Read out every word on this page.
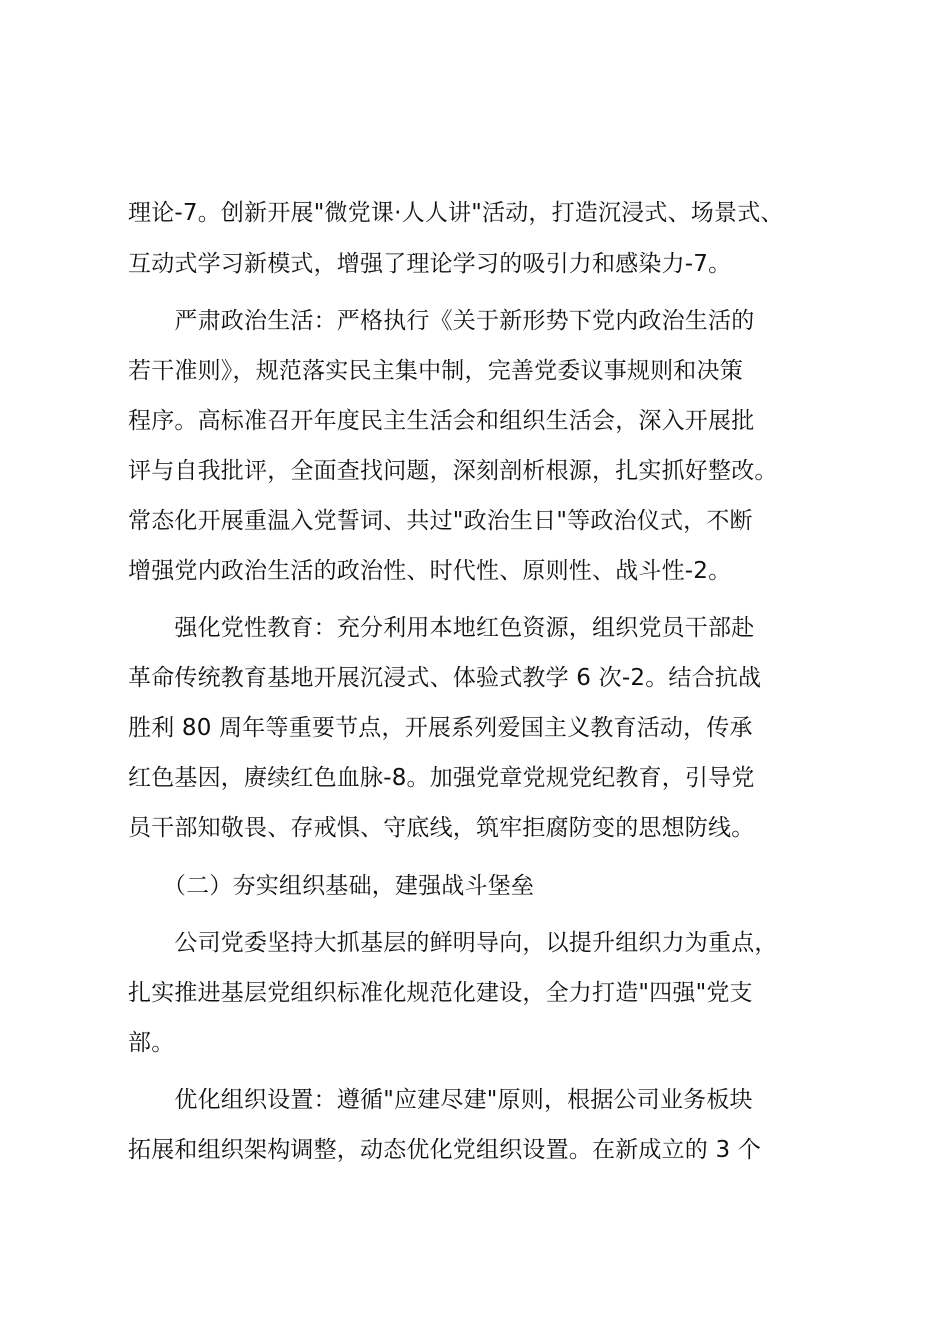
理论-7。创新开展"微党课·人人讲"活动，打造沉浸式、场景式、
互动式学习新模式，增强了理论学习的吸引力和感染力-7。
　　严肃政治生活：严格执行《关于新形势下党内政治生活的
若干准则》，规范落实民主集中制，完善党委议事规则和决策
程序。高标准召开年度民主生活会和组织生活会，深入开展批
评与自我批评，全面查找问题，深刻剖析根源，扎实抓好整改。
常态化开展重温入党誓词、共过"政治生日"等政治仪式，不断
增强党内政治生活的政治性、时代性、原则性、战斗性-2。
　　强化党性教育：充分利用本地红色资源，组织党员干部赴
革命传统教育基地开展沉浸式、体验式教学 6 次-2。结合抗战
胜利 80 周年等重要节点，开展系列爱国主义教育活动，传承
红色基因，赓续红色血脉-8。加强党章党规党纪教育，引导党
员干部知敬畏、存戒惧、守底线，筑牢拒腐防变的思想防线。
　　（二）夯实组织基础，建强战斗堡垒
　　公司党委坚持大抓基层的鲜明导向，以提升组织力为重点，
扎实推进基层党组织标准化规范化建设，全力打造"四强"党支
部。
　　优化组织设置：遵循"应建尽建"原则，根据公司业务板块
拓展和组织架构调整，动态优化党组织设置。在新成立的 3 个
